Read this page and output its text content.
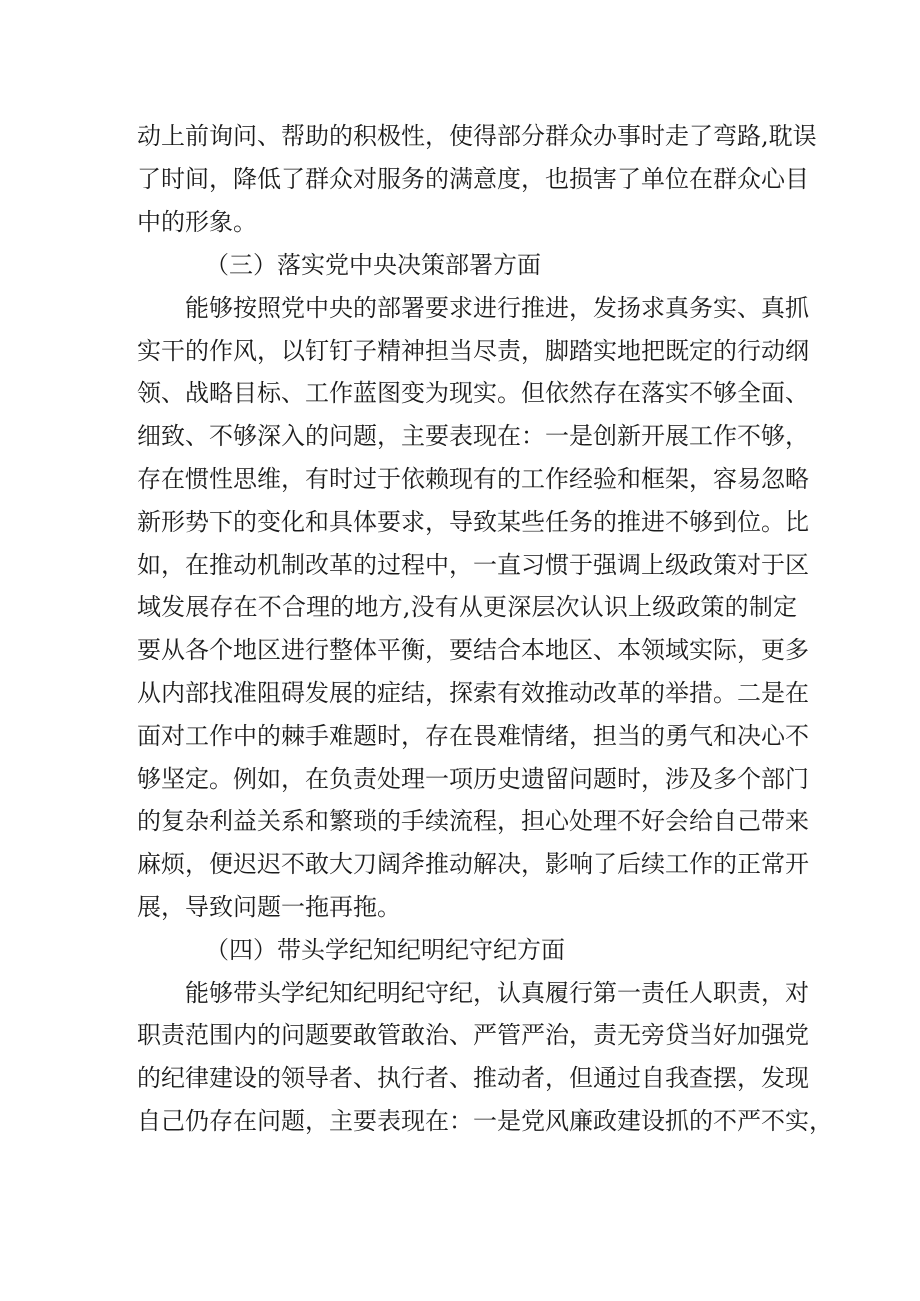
动上前询问、帮助的积极性，使得部分群众办事时走了弯路,耽误
了时间，降低了群众对服务的满意度，也损害了单位在群众心目
中的形象。
（三）落实党中央决策部署方面
能够按照党中央的部署要求进行推进，发扬求真务实、真抓
实干的作风，以钉钉子精神担当尽责，脚踏实地把既定的行动纲
领、战略目标、工作蓝图变为现实。但依然存在落实不够全面、
细致、不够深入的问题，主要表现在：一是创新开展工作不够，
存在惯性思维，有时过于依赖现有的工作经验和框架，容易忽略
新形势下的变化和具体要求，导致某些任务的推进不够到位。比
如，在推动机制改革的过程中，一直习惯于强调上级政策对于区
域发展存在不合理的地方,没有从更深层次认识上级政策的制定
要从各个地区进行整体平衡，要结合本地区、本领域实际，更多
从内部找准阻碍发展的症结，探索有效推动改革的举措。二是在
面对工作中的棘手难题时，存在畏难情绪，担当的勇气和决心不
够坚定。例如，在负责处理一项历史遗留问题时，涉及多个部门
的复杂利益关系和繁琐的手续流程，担心处理不好会给自己带来
麻烦，便迟迟不敢大刀阔斧推动解决，影响了后续工作的正常开
展，导致问题一拖再拖。
（四）带头学纪知纪明纪守纪方面
能够带头学纪知纪明纪守纪，认真履行第一责任人职责，对
职责范围内的问题要敢管敢治、严管严治，责无旁贷当好加强党
的纪律建设的领导者、执行者、推动者，但通过自我查摆，发现
自己仍存在问题，主要表现在：一是党风廉政建设抓的不严不实，
